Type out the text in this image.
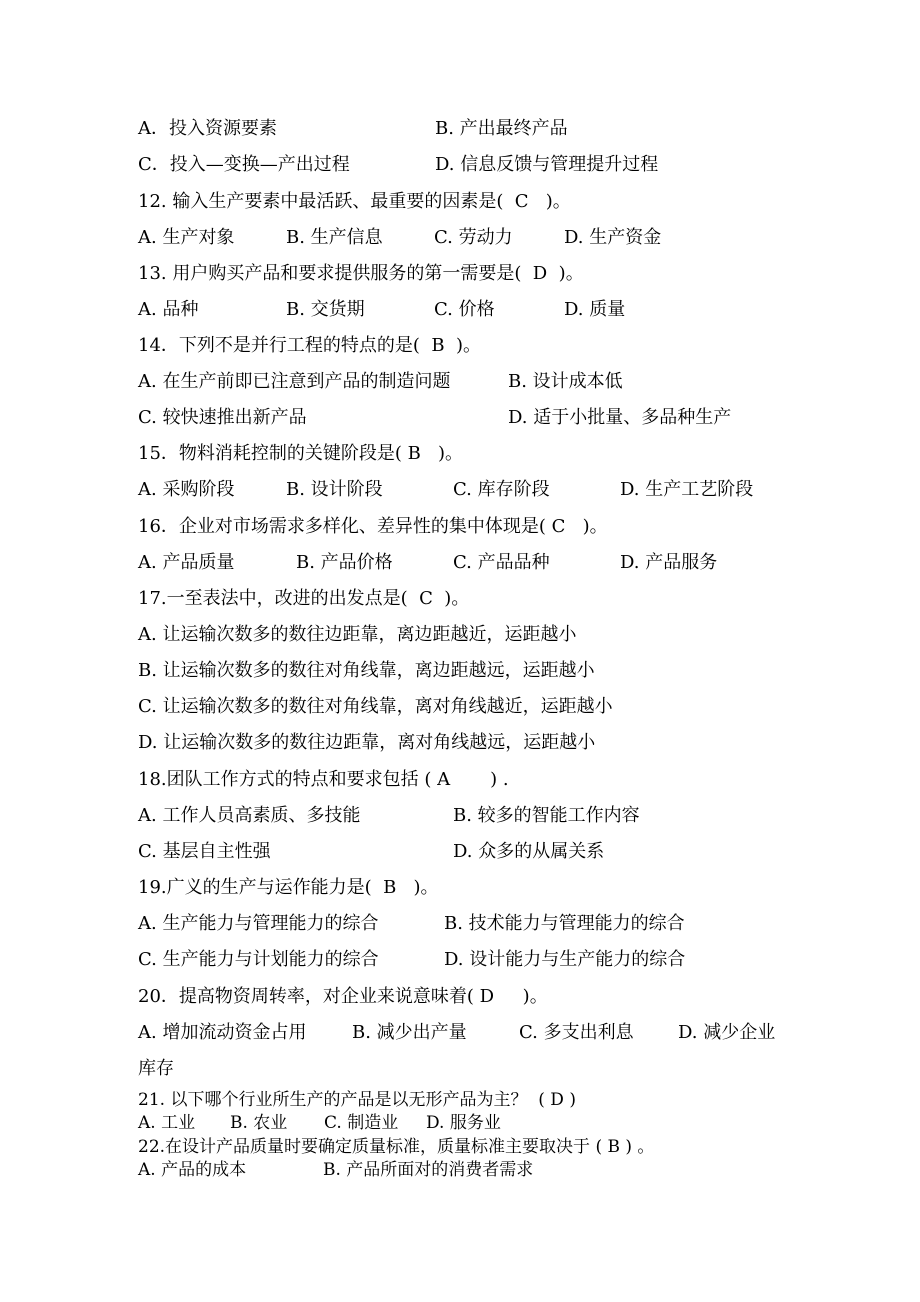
A．投入资源要素

	B. 产出最终产品

C．投入—变换—产出过程

	D. 信息反馈与管理提升过程

12. 输入生产要素中最活跃、最重要的因素是(  C   )。

A. 生产对象

	B. 生产信息

	C. 劳动力

	D. 生产资金

13. 用户购买产品和要求提供服务的第一需要是(  D  )。

A. 品种

	B. 交货期

	C. 价格

	D. 质量

14．下列不是并行工程的特点的是(  B  )。

A. 在生产前即已注意到产品的制造问题

	B. 设计成本低

C. 较快速推出新产品

	D. 适于小批量、多品种生产

15．物料消耗控制的关键阶段是( B   )。

A. 采购阶段

	B. 设计阶段

	C. 库存阶段

	D. 生产工艺阶段

16．企业对市场需求多样化、差异性的集中体现是( C   )。

A. 产品质量

	B. 产品价格

	C. 产品品种

	D. 产品服务

17.一至表法中，改进的出发点是(  C  )。
A. 让运输次数多的数往边距靠，离边距越近，运距越小
B. 让运输次数多的数往对角线靠，离边距越远，运距越小
C. 让运输次数多的数往对角线靠，离对角线越近，运距越小
D. 让运输次数多的数往边距靠，离对角线越远，运距越小
18.团队工作方式的特点和要求包括 ( A       ) .

A. 工作人员高素质、多技能

	B. 较多的智能工作内容

C. 基层自主性强

	D. 众多的从属关系

19.广义的生产与运作能力是(  B   )。

A. 生产能力与管理能力的综合

	B. 技术能力与管理能力的综合

C. 生产能力与计划能力的综合

	D. 设计能力与生产能力的综合

20．提高物资周转率，对企业来说意味着( D     )。

A. 增加流动资金占用

	B. 减少出产量

	C. 多支出利息

D. 减少企业

库存
21. 以下哪个行业所生产的产品是以无形产品为主？  ( D )

A. 工业

B. 农业

C. 制造业

D. 服务业

22.在设计产品质量时要确定质量标准，质量标准主要取决于 ( B ) 。

A. 产品的成本

	B. 产品所面对的消费者需求
